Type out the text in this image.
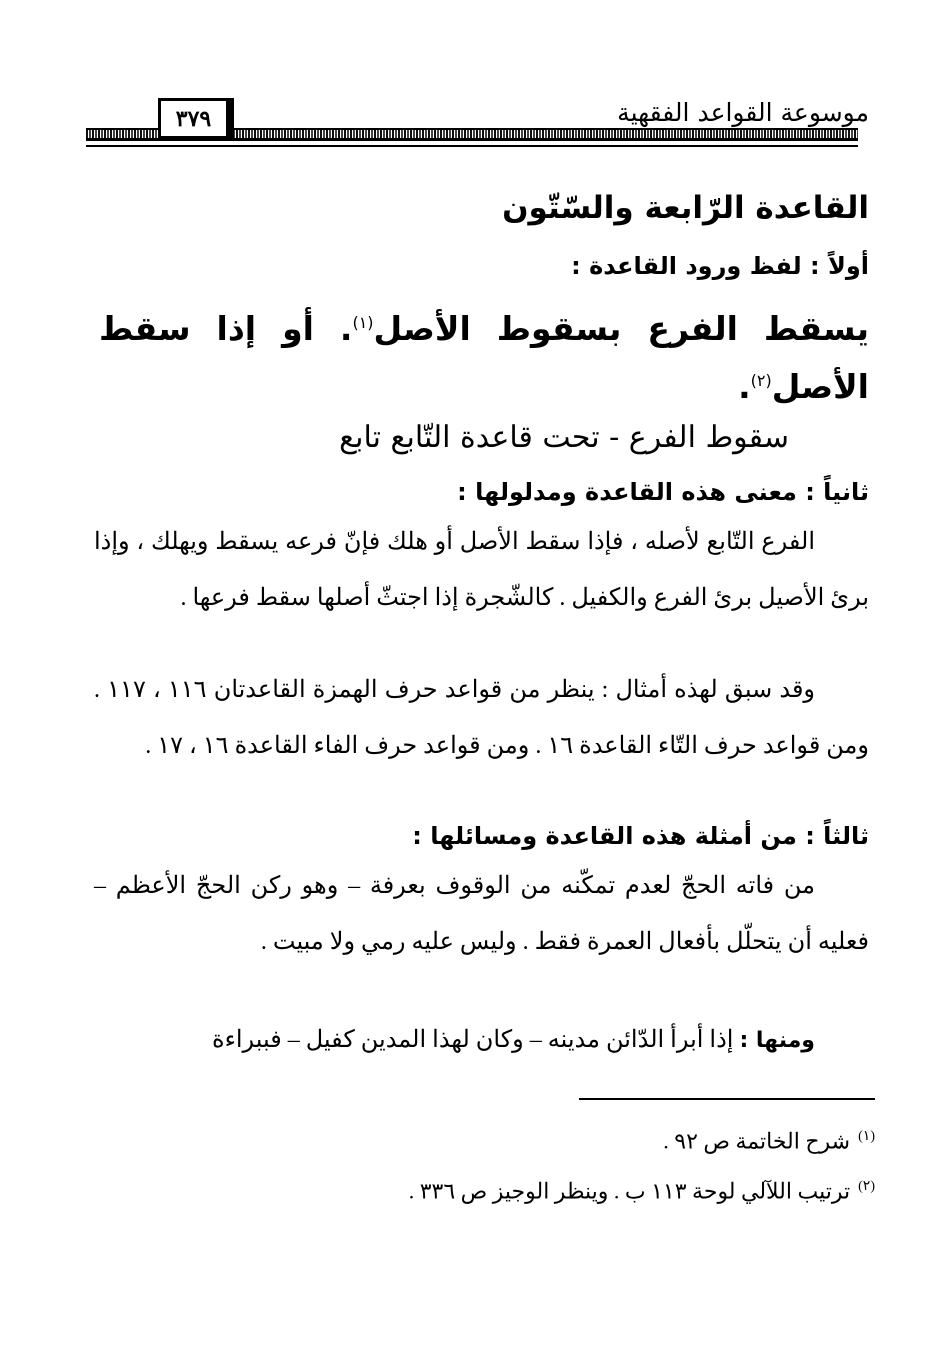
موسوعة القواعد الفقهية
٣٧٩
القاعدة الرّابعة والسّتّون
أولاً : لفظ ورود القاعدة :
يسقط الفرع بسقوط الأصل$^{(١)}$. أو إذا سقط الأصل$^{(٢)}$.
سقوط الفرع - تحت قاعدة التّابع تابع
ثانياً : معنى هذه القاعدة ومدلولها :
الفرع التّابع لأصله ، فإذا سقط الأصل أو هلك فإنّ فرعه يسقط ويهلك ، وإذا برئ الأصيل برئ الفرع والكفيل . كالشّجرة إذا اجتثّ أصلها سقط فرعها .
وقد سبق لهذه أمثال : ينظر من قواعد حرف الهمزة القاعدتان ١١٦ ، ١١٧ . ومن قواعد حرف التّاء القاعدة ١٦ . ومن قواعد حرف الفاء القاعدة ١٦ ، ١٧ .
ثالثاً : من أمثلة هذه القاعدة ومسائلها :
من فاته الحجّ لعدم تمكّنه من الوقوف بعرفة – وهو ركن الحجّ الأعظم – فعليه أن يتحلّل بأفعال العمرة فقط . وليس عليه رمي ولا مبيت .
ومنها : إذا أبرأ الدّائن مدينه – وكان لهذا المدين كفيل – فببراءة
$^{(١)}$شرح الخاتمة ص ٩٢ .
$^{(٢)}$ترتيب اللآلي لوحة ١١٣ ب . وينظر الوجيز ص ٣٣٦ .
